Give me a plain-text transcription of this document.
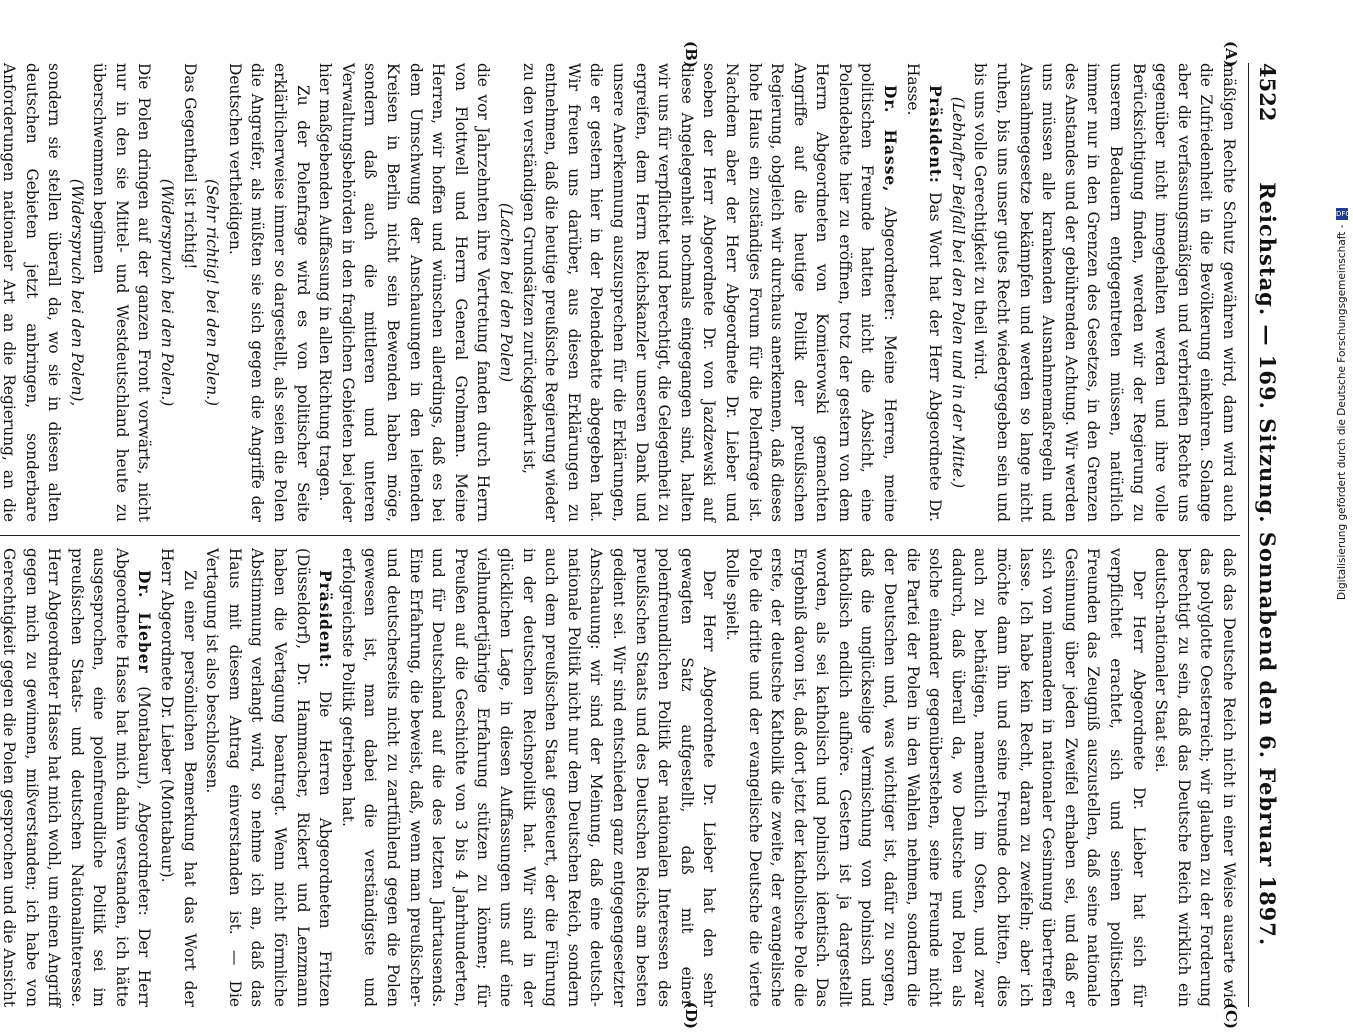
4522
Reichstag. — 169. Sitzung. Sonnabend den 6. Februar 1897.
(A)
(B)
(C)
(D)

mäßigen Rechte Schutz gewähren wird, dann wird auch die Zufriedenheit in die Bevölkerung einkehren. Solange aber die verfassungsmäßigen und verbrieften Rechte uns gegenüber nicht innegehalten werden und ihre volle Berücksichtigung finden, werden wir der Regierung zu unserem Bedauern entgegentreten müssen, natürlich immer nur in den Grenzen des Gesetzes, in den Grenzen des Anstandes und der gebührenden Achtung. Wir werden uns müssen alle krankenden Ausnahmemaßregeln und Ausnahmegesetze bekämpfen und werden so lange nicht ruhen, bis uns unser gutes Recht wiedergegeben sein und bis uns volle Gerechtigkeit zu theil wird.

(Lebhafter Beifall bei den Polen und in der Mitte.)

Präsident: Das Wort hat der Herr Abgeordnete Dr. Hasse.

Dr. Hasse, Abgeordneter: Meine Herren, meine politischen Freunde hatten nicht die Absicht, eine Polendebatte hier zu eröffnen, trotz der gestern von dem Herrn Abgeordneten von Komierowski gemachten Angriffe auf die heutige Politik der preußischen Regierung, obgleich wir durchaus anerkennen, daß dieses hohe Haus ein zuständiges Forum für die Polenfrage ist. Nachdem aber der Herr Abgeordnete Dr. Lieber und soeben der Herr Abgeordnete Dr. von Jazdzewski auf diese Angelegenheit nochmals eingegangen sind, halten wir uns für verpflichtet und berechtigt, die Gelegenheit zu ergreifen, dem Herrn Reichskanzler unseren Dank und unsere Anerkennung auszusprechen für die Erklärungen, die er gestern hier in der Polendebatte abgegeben hat. Wir freuen uns darüber, aus diesen Erklärungen zu entnehmen, daß die heutige preußische Regierung wieder zu den verständigen Grundsätzen zurückgekehrt ist,

(Lachen bei den Polen)

die vor Jahrzehnten ihre Vertretung fanden durch Herrn von Flottwell und Herrn General Grolmann. Meine Herren, wir hoffen und wünschen allerdings, daß es bei dem Umschwung der Anschauungen in den leitenden Kreisen in Berlin nicht sein Bewenden haben möge, sondern daß auch die mittleren und unteren Verwaltungsbehörden in den fraglichen Gebieten bei jeder hier maßgebenden Auffassung in allen Richtung tragen.

Zu der Polenfrage wird es von politischer Seite erklärlicherweise immer so dargestellt, als seien die Polen die Angreifer, als müßten sie sich gegen die Angriffe der Deutschen vertheidigen.

(Sehr richtig! bei den Polen.)

Das Gegentheil ist richtig!

(Widerspruch bei den Polen.)

Die Polen dringen auf der ganzen Front vorwärts, nicht nur in den sie Mittel- und Westdeutschland heute zu überschwemmen beginnen

(Widerspruch bei den Polen),

sondern sie stellen überall da, wo sie in diesen alten deutschen Gebieten jetzt anbringen, sonderbare Anforderungen nationaler Art an die Regierung, an die

daß das Deutsche Reich nicht in einer Weise ausarte wie das polyglotte Oesterreich; wir glauben zu der Forderung berechtigt zu sein, daß das Deutsche Reich wirklich ein deutsch-nationaler Staat sei.

Der Herr Abgeordnete Dr. Lieber hat sich für verpflichtet erachtet, sich und seinen politischen Freunden das Zeugniß auszustellen, daß seine nationale Gesinnung über jeden Zweifel erhaben sei, und daß er sich von niemandem in nationaler Gesinnung übertreffen lasse. Ich habe kein Recht, daran zu zweifeln; aber ich möchte dann ihn und seine Freunde doch bitten, dies auch zu bethätigen, namentlich im Osten, und zwar dadurch, daß überall da, wo Deutsche und Polen als solche einander gegenüberstehen, seine Freunde nicht die Partei der Polen in den Wahlen nehmen, sondern die der Deutschen und, was wichtiger ist, dafür zu sorgen, daß die unglückselige Vermischung von polnisch und katholisch endlich aufhöre. Gestern ist ja dargestellt worden, als sei katholisch und polnisch identisch. Das Ergebniß davon ist, daß dort jetzt der katholische Pole die erste, der deutsche Katholik die zweite, der evangelische Pole die dritte und der evangelische Deutsche die vierte Rolle spielt.

Der Herr Abgeordnete Dr. Lieber hat den sehr gewagten Satz aufgestellt, daß mit einer polenfreundlichen Politik der nationalen Interessen des preußischen Staats und des Deutschen Reichs am besten gedient sei. Wir sind entschieden ganz entgegengesetzter Anschauung: wir sind der Meinung, daß eine deutsch-nationale Politik nicht nur dem Deutschen Reich, sondern auch dem preußischen Staat gesteuert, der die Führung in der deutschen Reichspolitik hat. Wir sind in der glücklichen Lage, in diesen Auffassungen uns auf eine vielhundertjährige Erfahrung stützen zu können; für Preußen auf die Geschichte von 3 bis 4 Jahrhunderten, und für Deutschland auf die des letzten Jahrtausends. Eine Erfahrung, die beweist, daß, wenn man preußischer- und deutscherseits nicht zu zartfühlend gegen die Polen gewesen ist, man dabei die verständigste und erfolgreichste Politik getrieben hat.

Präsident: Die Herren Abgeordneten Fritzen (Düsseldorf), Dr. Hammacher, Rickert und Lenzmann haben die Vertagung beantragt. Wenn nicht förmliche Abstimmung verlangt wird, so nehme ich an, daß das Haus mit diesem Antrag einverstanden ist. — Die Vertagung ist also beschlossen.

Zu einer persönlichen Bemerkung hat das Wort der Herr Abgeordnete Dr. Lieber (Montabaur).

Dr. Lieber (Montabaur), Abgeordneter: Der Herr Abgeordnete Hasse hat mich dahin verstanden, ich hätte ausgesprochen, eine polenfreundliche Politik sei im preußischen Staats- und deutschen Nationalinteresse. Herr Abgeordneter Hasse hat mich wohl, um einen Angriff gegen mich zu gewinnen, mißverstanden; ich habe von Gerechtigkeit gegen die Polen gesprochen und die Ansicht

Digitalisierung gefördert durch die Deutsche Forschungsgemeinschaft -
DFG
